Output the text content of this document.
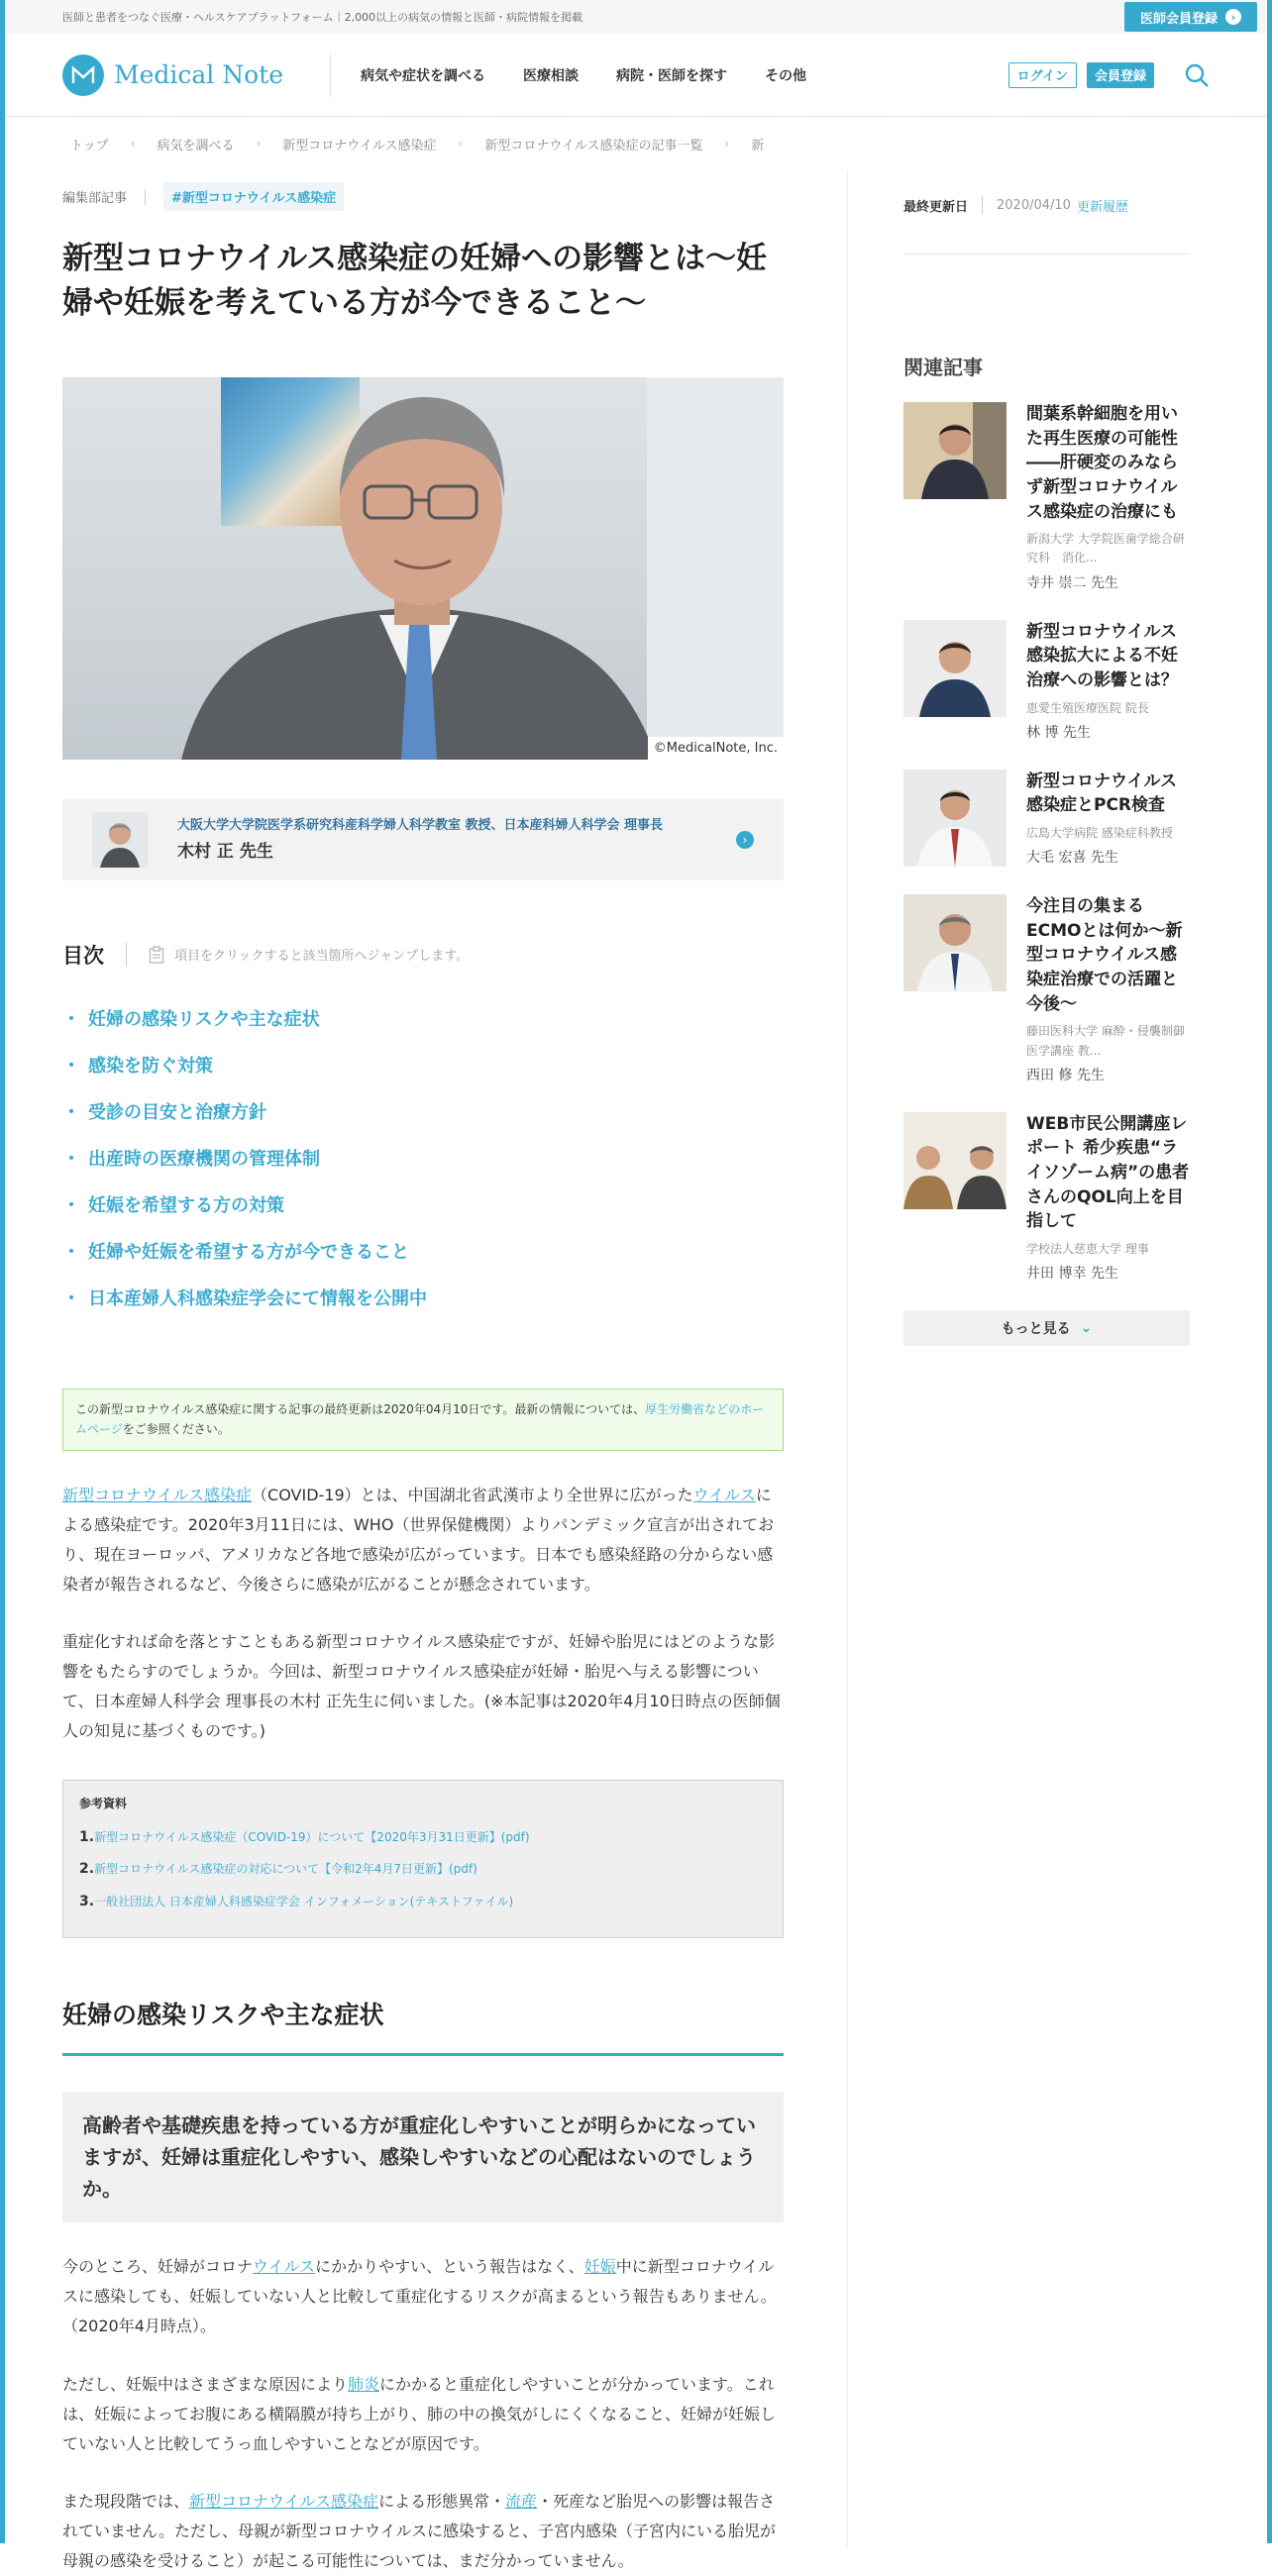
医師と患者をつなぐ医療・ヘルスケアプラットフォーム｜2,000以上の病気の情報と医師・病院情報を掲載	医師会員登録	›
Medical Note	病気や症状を調べる	医療相談	病院・医師を探す	その他	ログイン	会員登録
トップ › 病気を調べる › 新型コロナウイルス感染症 › 新型コロナウイルス感染症の記事一覧 › 新
編集部記事	#新型コロナウイルス感染症
新型コロナウイルス感染症の妊婦への影響とは〜妊婦や妊娠を考えている方が今できること〜
©MedicalNote, Inc.
大阪大学大学院医学系研究科産科学婦人科学教室 教授、日本産科婦人科学会 理事長
木村 正 先生
›
目次	項目をクリックすると該当箇所へジャンプします。
・ 妊婦の感染リスクや主な症状
・ 感染を防ぐ対策
・ 受診の目安と治療方針
・ 出産時の医療機関の管理体制
・ 妊娠を希望する方の対策
・ 妊婦や妊娠を希望する方が今できること
・ 日本産婦人科感染症学会にて情報を公開中
この新型コロナウイルス感染症に関する記事の最終更新は2020年04月10日です。最新の情報については、厚生労働省などのホームページをご参照ください。

新型コロナウイルス感染症（COVID-19）とは、中国湖北省武漢市より全世界に広がったウイルスによる感染症です。2020年3月11日には、WHO（世界保健機関）よりパンデミック宣言が出されており、現在ヨーロッパ、アメリカなど各地で感染が広がっています。日本でも感染経路の分からない感染者が報告されるなど、今後さらに感染が広がることが懸念されています。

重症化すれば命を落とすこともある新型コロナウイルス感染症ですが、妊婦や胎児にはどのような影響をもたらすのでしょうか。今回は、新型コロナウイルス感染症が妊婦・胎児へ与える影響について、日本産婦人科学会 理事長の木村 正先生に伺いました。(※本記事は2020年4月10日時点の医師個人の知見に基づくものです。)

参考資料
1.新型コロナウイルス感染症（COVID-19）について【2020年3月31日更新】(pdf)
2.新型コロナウイルス感染症の対応について【令和2年4月7日更新】(pdf)
3.一般社団法人 日本産婦人科感染症学会 インフォメーション(テキストファイル)
妊婦の感染リスクや主な症状
高齢者や基礎疾患を持っている方が重症化しやすいことが明らかになっていますが、妊婦は重症化しやすい、感染しやすいなどの心配はないのでしょうか。

今のところ、妊婦がコロナウイルスにかかりやすい、という報告はなく、妊娠中に新型コロナウイルスに感染しても、妊娠していない人と比較して重症化するリスクが高まるという報告もありません。（2020年4月時点）。

ただし、妊娠中はさまざまな原因により肺炎にかかると重症化しやすいことが分かっています。これは、妊娠によってお腹にある横隔膜が持ち上がり、肺の中の換気がしにくくなること、妊婦が妊娠していない人と比較してうっ血しやすいことなどが原因です。

また現段階では、新型コロナウイルス感染症による形態異常・流産・死産など胎児への影響は報告されていません。ただし、母親が新型コロナウイルスに感染すると、子宮内感染（子宮内にいる胎児が母親の感染を受けること）が起こる可能性については、まだ分かっていません。

最終更新日 2020/04/10 更新履歴
関連記事
間葉系幹細胞を用いた再生医療の可能性――肝硬変のみならず新型コロナウイルス感染症の治療にも
新潟大学 大学院医歯学総合研究科　消化...
寺井 崇二 先生
新型コロナウイルス感染拡大による不妊治療への影響とは？
恵愛生殖医療医院 院長
林 博 先生
新型コロナウイルス感染症とPCR検査
広島大学病院 感染症科教授
大毛 宏喜 先生
今注目の集まるECMOとは何か〜新型コロナウイルス感染症治療での活躍と今後〜
藤田医科大学 麻酔・侵襲制御医学講座 教...
西田 修 先生
WEB市民公開講座レポート 希少疾患“ライソゾーム病”の患者さんのQOL向上を目指して
学校法人慈恵大学 理事
井田 博幸 先生
もっと見る ⌄
